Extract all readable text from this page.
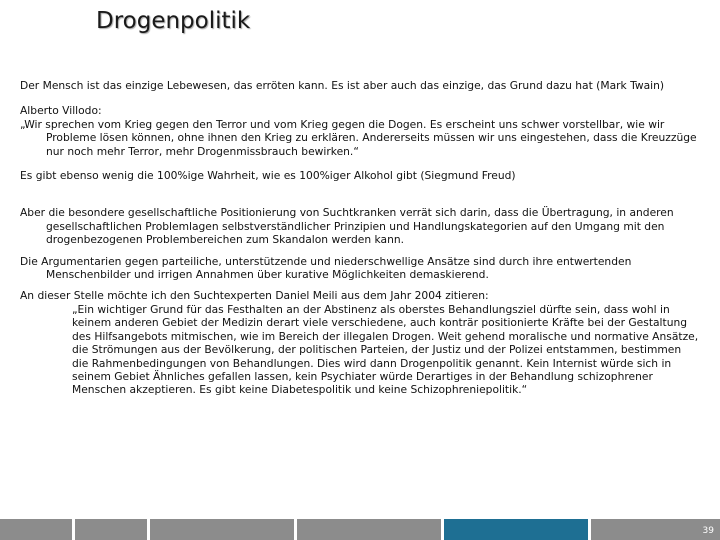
Drogenpolitik

Der Mensch ist das einzige Lebewesen, das erröten kann. Es ist aber auch das einzige, das Grund dazu hat (Mark Twain)

Alberto Villodo:
„Wir sprechen vom Krieg gegen den Terror und vom Krieg gegen die Dogen. Es erscheint uns schwer vorstellbar, wie wir Probleme lösen können, ohne ihnen den Krieg zu erklären. Andererseits müssen wir uns eingestehen, dass die Kreuzzüge nur noch mehr Terror, mehr Drogenmissbrauch bewirken.“

Es gibt ebenso wenig die 100%ige Wahrheit, wie es 100%iger Alkohol gibt (Siegmund Freud)

Aber die besondere gesellschaftliche Positionierung von Suchtkranken verrät sich darin, dass die Übertragung, in anderen gesellschaftlichen Problemlagen selbstverständlicher Prinzipien und Handlungskategorien auf den Umgang mit den drogenbezogenen Problembereichen zum Skandalon werden kann.

Die Argumentarien gegen parteiliche, unterstützende und niederschwellige Ansätze sind durch ihre entwertenden Menschenbilder und irrigen Annahmen über kurative Möglichkeiten demaskierend.

An dieser Stelle möchte ich den Suchtexperten Daniel Meili aus dem Jahr 2004 zitieren:
„Ein wichtiger Grund für das Festhalten an der Abstinenz als oberstes Behandlungsziel dürfte sein, dass wohl in keinem anderen Gebiet der Medizin derart viele verschiedene, auch konträr positionierte Kräfte bei der Gestaltung des Hilfsangebots mitmischen, wie im Bereich der illegalen Drogen. Weit gehend moralische und normative Ansätze, die Strömungen aus der Bevölkerung, der politischen Parteien, der Justiz und der Polizei entstammen, bestimmen die Rahmenbedingungen von Behandlungen. Dies wird dann Drogenpolitik genannt. Kein Internist würde sich in seinem Gebiet Ähnliches gefallen lassen, kein Psychiater würde Derartiges in der Behandlung schizophrener Menschen akzeptieren. Es gibt keine Diabetespolitik und keine Schizophreniepolitik.“

39
